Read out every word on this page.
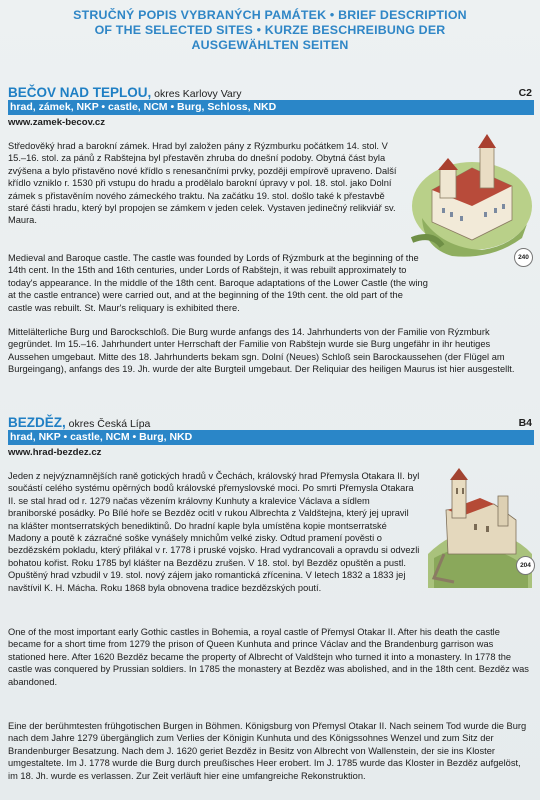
STRUČNÝ POPIS VYBRANÝCH PAMÁTEK • BRIEF DESCRIPTION
OF THE SELECTED SITES • KURZE BESCHREIBUNG DER
AUSGEWÄHLTEN SEITEN
BEČOV NAD TEPLOU, okres Karlovy Vary	C2
hrad, zámek, NKP • castle, NCM • Burg, Schloss, NKD
www.zamek-becov.cz

Středověký hrad a barokní zámek. Hrad byl založen pány z Rýzmburku počátkem 14. stol. V 15.–16. stol. za pánů z Rabštejna byl přestavěn zhruba do dnešní podoby. Obytná část byla zvýšena a bylo přistavěno nové křídlo s renesančními prvky, později empírově upraveno. Další křídlo vzniklo r. 1530 při vstupu do hradu a prodělalo barokní úpravy v pol. 18. stol. jako Dolní zámek s přistavěním nového zámeckého traktu. Na začátku 19. stol. došlo také k přestavbě staré části hradu, který byl propojen se zámkem v jeden celek. Vystaven jedinečný relikviář sv. Maura.

240

Medieval and Baroque castle. The castle was founded by Lords of Rýzmburk at the beginning of the 14th cent. In the 15th and 16th centuries, under Lords of Rabštejn, it was rebuilt approximately to today's appearance. In the middle of the 18th cent. Baroque adaptations of the Lower Castle (the wing at the castle entrance) were carried out, and at the beginning of the 19th cent. the old part of the castle was rebuilt. St. Maur's reliquary is exhibited there.

Mittelälterliche Burg und Barockschloß. Die Burg wurde anfangs des 14. Jahrhunderts von der Familie von Rýzmburk gegründet. Im 15.–16. Jahrhundert unter Herrschaft der Familie von Rabštejn wurde sie Burg ungefähr in ihr heutiges Aussehen umgebaut. Mitte des 18. Jahrhunderts bekam sgn. Dolní (Neues) Schloß sein Barockaussehen (der Flügel am Burgeingang), anfangs des 19. Jh. wurde der alte Burgteil umgebaut. Der Reliquiar des heiligen Maurus ist hier ausgestellt.

BEZDĚZ, okres Česká Lípa	B4
hrad, NKP • castle, NCM • Burg, NKD
www.hrad-bezdez.cz

Jeden z nejvýznamnějších raně gotických hradů v Čechách, královský hrad Přemysla Otakara II. byl součástí celého systému opěrných bodů královské přemyslovské moci. Po smrti Přemysla Otakara II. se stal hrad od r. 1279 načas vězením královny Kunhuty a kralevice Václava a sídlem braniborské posádky. Po Bílé hoře se Bezděz ocitl v rukou Albrechta z Valdštejna, který jej upravil na klášter montserratských benediktinů. Do hradní kaple byla umístěna kopie montserratské Madony a poutě k zázračné soške vynášely mnichům velké zisky. Odtud pramení pověsti o bezdězském pokladu, který přilákal v r. 1778 i pruské vojsko. Hrad vydrancovali a opravdu si odvezli bohatou kořist. Roku 1785 byl klášter na Bezdězu zrušen. V 18. stol. byl Bezděz opuštěn a pustl. Opuštěný hrad vzbudil v 19. stol. nový zájem jako romantická zřícenina. V letech 1832 a 1833 jej navštívil K. H. Mácha. Roku 1868 byla obnovena tradice bezdězských poutí.

204

One of the most important early Gothic castles in Bohemia, a royal castle of Přemysl Otakar II. After his death the castle became for a short time from 1279 the prison of Queen Kunhuta and prince Václav and the Brandenburg garrison was stationed here. After 1620 Bezděz became the property of Albrecht of Valdštejn who turned it into a monastery. In 1778 the castle was conquered by Prussian soldiers. In 1785 the monastery at Bezděz was abolished, and in the 18th cent. Bezděz was abandoned.

Eine der berühmtesten frühgotischen Burgen in Böhmen. Königsburg von Přemysl Otakar II. Nach seinem Tod wurde die Burg nach dem Jahre 1279 übergänglich zum Verlies der Königin Kunhuta und des Königssohnes Wenzel und zum Sitz der Brandenburger Besatzung. Nach dem J. 1620 geriet Bezděz in Besitz von Albrecht von Wallenstein, der sie ins Kloster umgestaltete. Im J. 1778 wurde die Burg durch preußisches Heer erobert. Im J. 1785 wurde das Kloster in Bezděz aufgelöst, im 18. Jh. wurde es verlassen. Zur Zeit verläuft hier eine umfangreiche Rekonstruktion.
